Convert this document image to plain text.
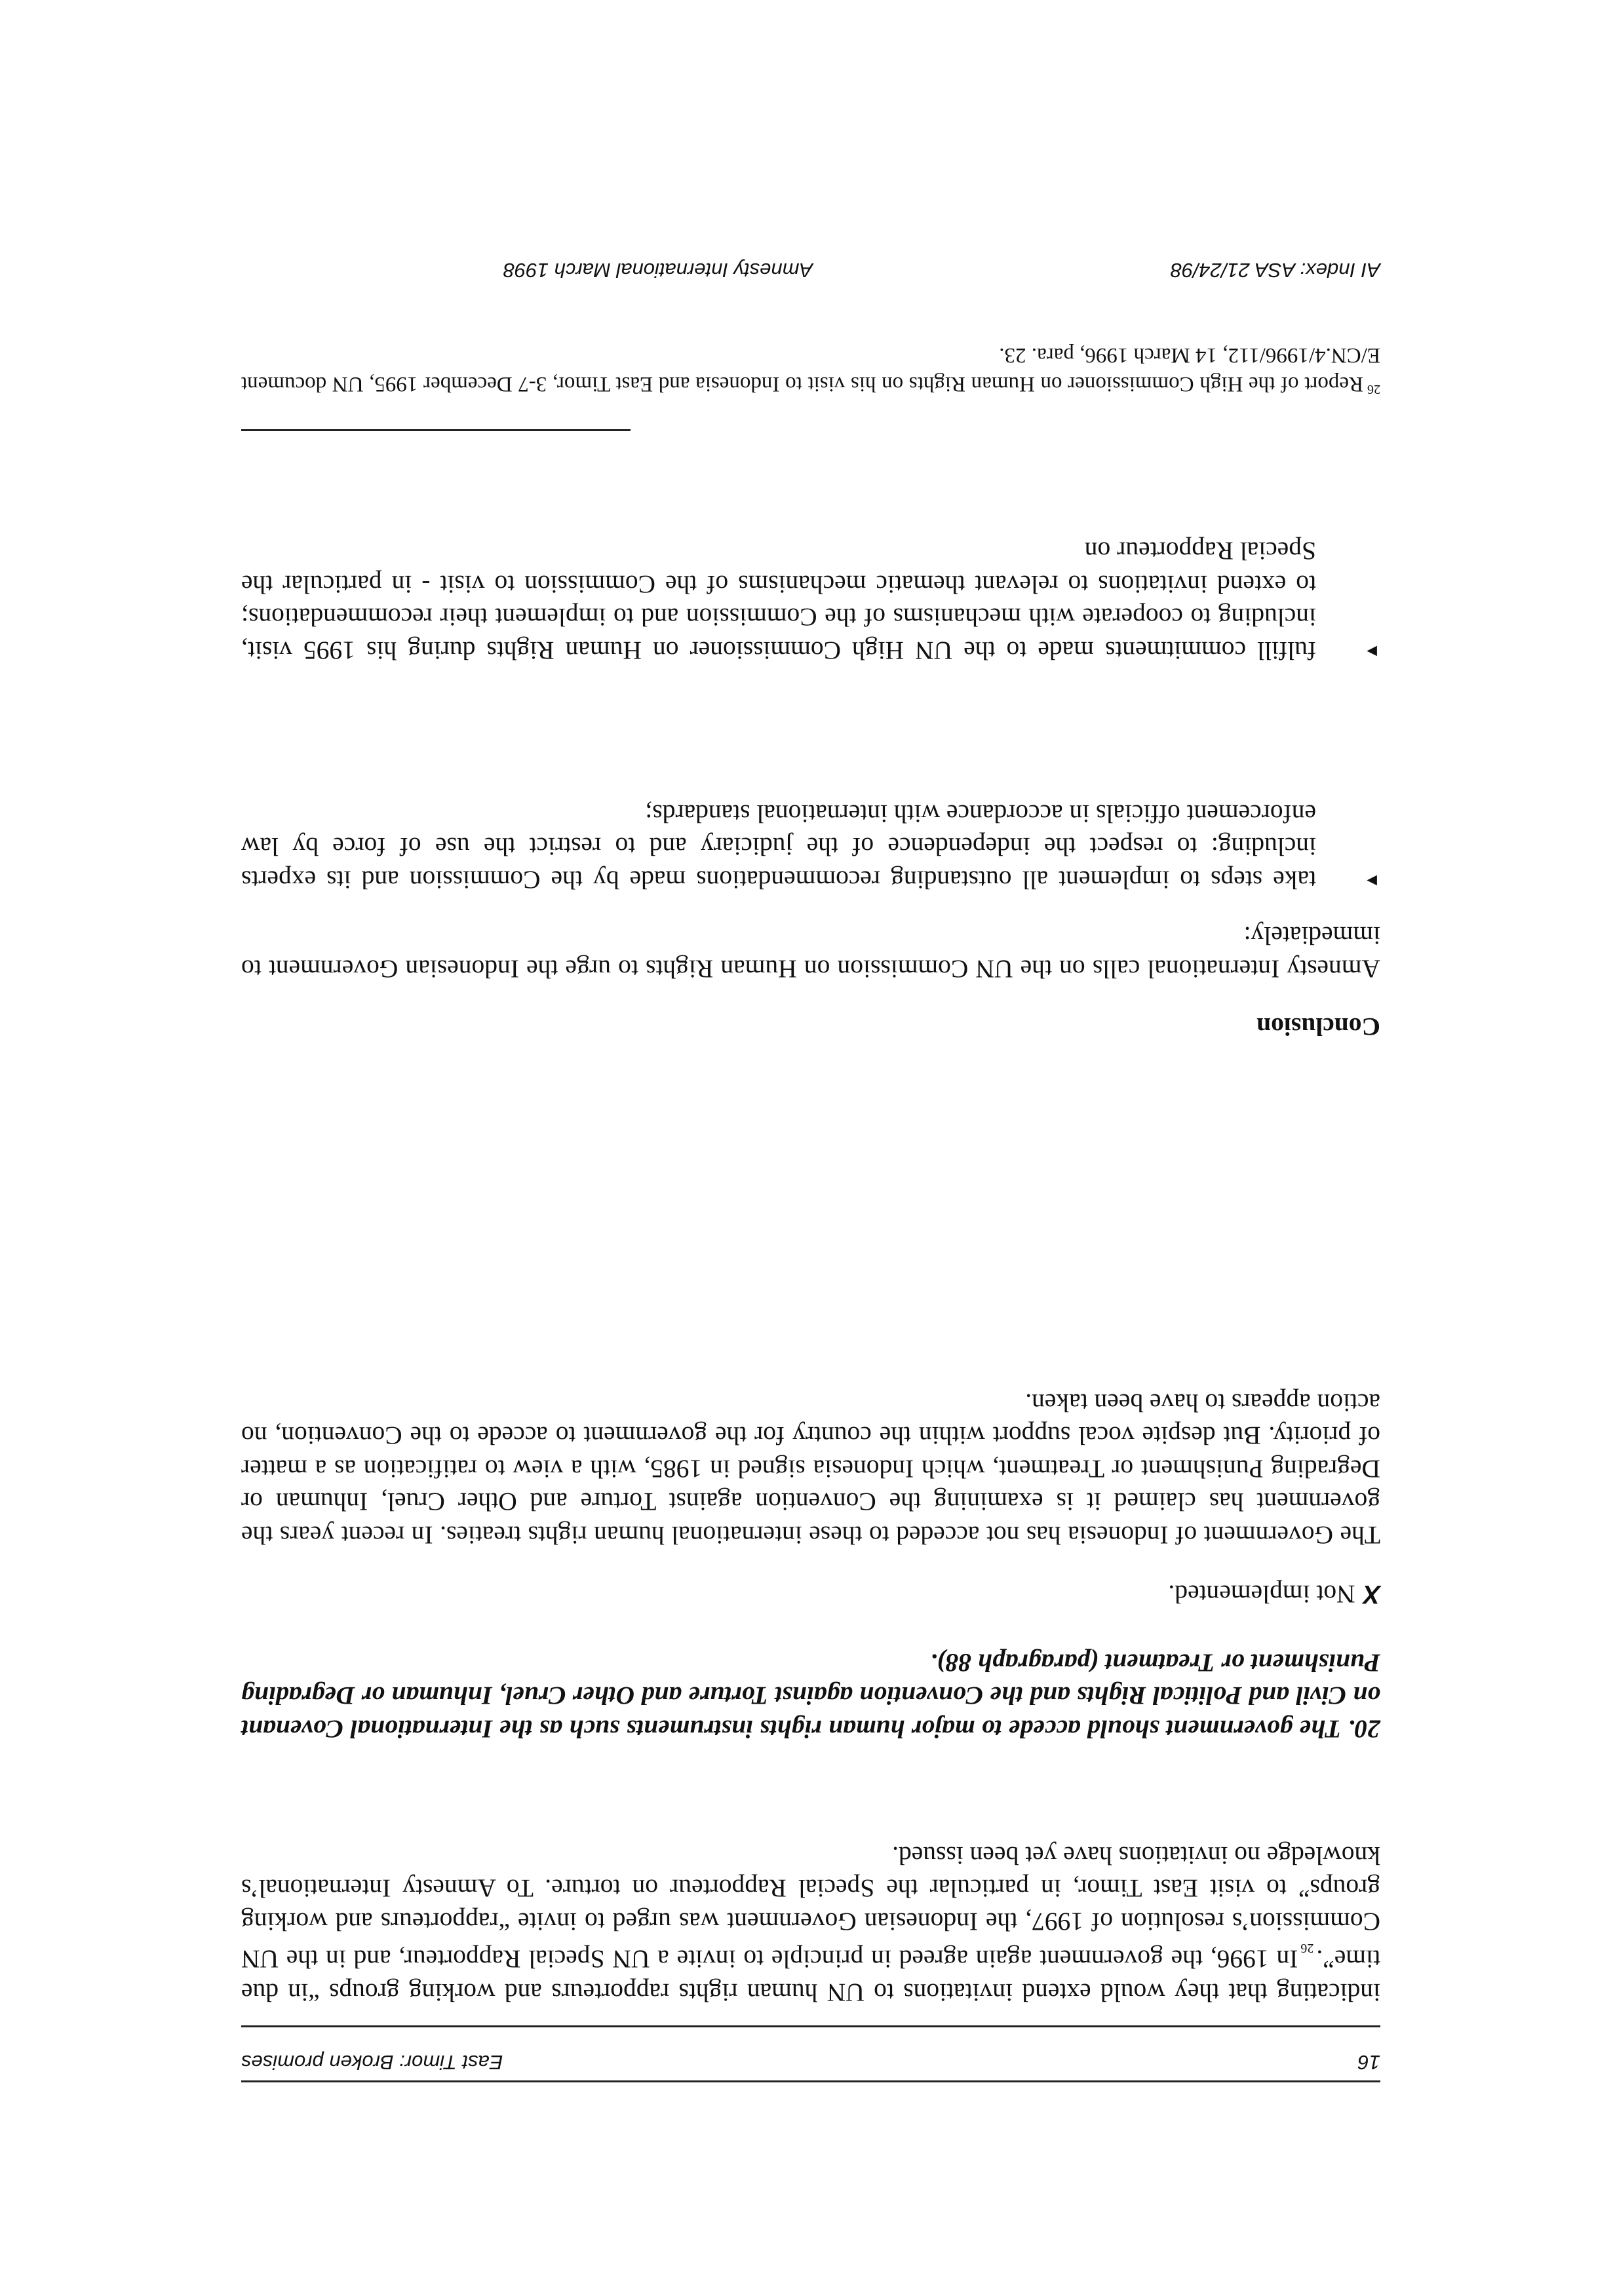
16
East Timor: Broken promises

indicating that they would extend invitations to UN human rights rapporteurs and working groups “in due $time”._{26}In$ 1996, the government again agreed in principle to invite a UN Special Rapporteur, and in the UN Commission’s resolution of 1997, the Indonesian Government was urged to invite “rapporteurs and working groups” to visit East Timor, in particular the Special Rapporteur on torture. To Amnesty International’s knowledge no invitations have yet been issued.

20. The government should accede to major human rights instruments such as the International Covenant on Civil and Political Rights and the Convention against Torture and Other Cruel, Inhuman or Degrading Punishment or Treatment (paragraph 88).

XNot implemented.

The Government of Indonesia has not acceded to these international human rights treaties. In recent years the government has claimed it is examining the Convention against Torture and Other Cruel, Inhuman or Degrading Punishment or Treatment, which Indonesia signed in 1985, with a view to ratification as a matter of priority. But despite vocal support within the country for the government to accede to the Convention, no action appears to have been taken.

Conclusion

Amnesty International calls on the UN Commission on Human Rights to urge the Indonesian Government to immediately:

►
take steps to implement all outstanding recommendations made by the Commission and its experts including: to respect the independence of the judiciary and to restrict the use of force by law enforcement officials in accordance with international standards;
►
fulfill commitments made to the UN High Commissioner on Human Rights during his 1995 visit, including to cooperate with mechanisms of the Commission and to implement their recommendations; to extend invitations to relevant thematic mechanisms of the Commission to visit - in particular the Special Rapporteur on

$^{26}$Report of the High Commissioner on Human Rights on his visit to Indonesia and East Timor, 3-7 December 1995, UN document E/CN.4/1996/112, 14 March 1996, para. 23.

AI Index: ASA 21/24/98
Amnesty International March 1998
